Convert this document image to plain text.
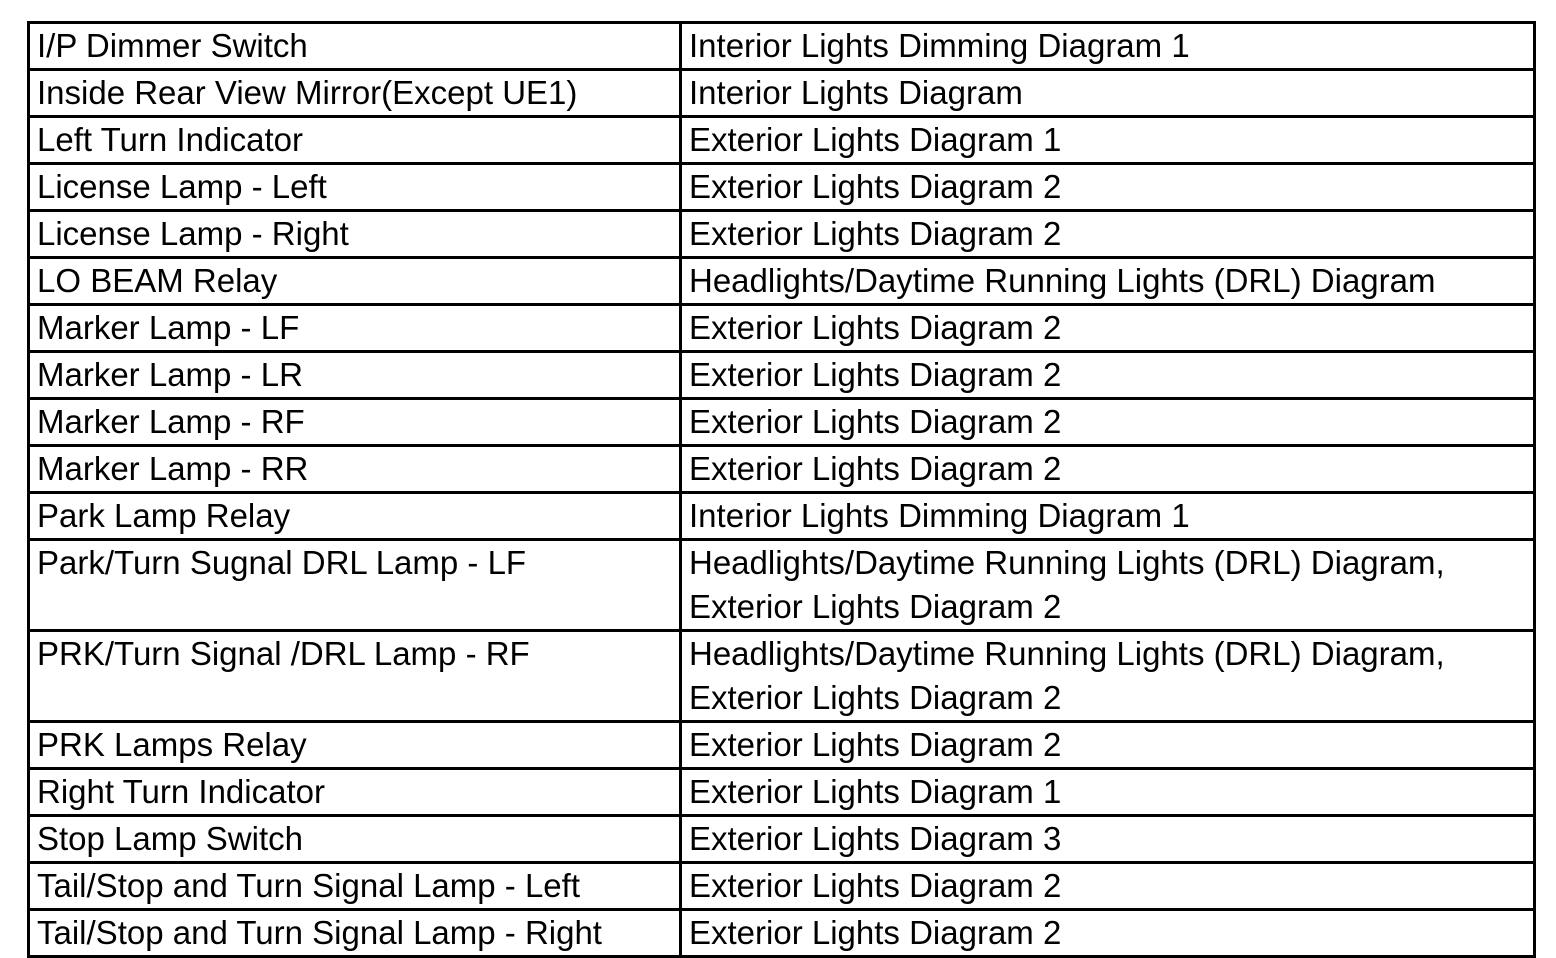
I/P Dimmer Switch	Interior Lights Dimming Diagram 1

Inside Rear View Mirror(Except UE1)	Interior Lights Diagram

Left Turn Indicator	Exterior Lights Diagram 1

License Lamp - Left	Exterior Lights Diagram 2

License Lamp - Right	Exterior Lights Diagram 2

LO BEAM Relay	Headlights/Daytime Running Lights (DRL) Diagram

Marker Lamp - LF	Exterior Lights Diagram 2

Marker Lamp - LR	Exterior Lights Diagram 2

Marker Lamp - RF	Exterior Lights Diagram 2

Marker Lamp - RR	Exterior Lights Diagram 2

Park Lamp Relay	Interior Lights Dimming Diagram 1

Park/Turn Sugnal DRL Lamp - LF	Headlights/Daytime Running Lights (DRL) Diagram,
Exterior Lights Diagram 2

PRK/Turn Signal /DRL Lamp - RF	Headlights/Daytime Running Lights (DRL) Diagram,
Exterior Lights Diagram 2

PRK Lamps Relay	Exterior Lights Diagram 2

Right Turn Indicator	Exterior Lights Diagram 1

Stop Lamp Switch	Exterior Lights Diagram 3

Tail/Stop and Turn Signal Lamp - Left	Exterior Lights Diagram 2

Tail/Stop and Turn Signal Lamp - Right	Exterior Lights Diagram 2
